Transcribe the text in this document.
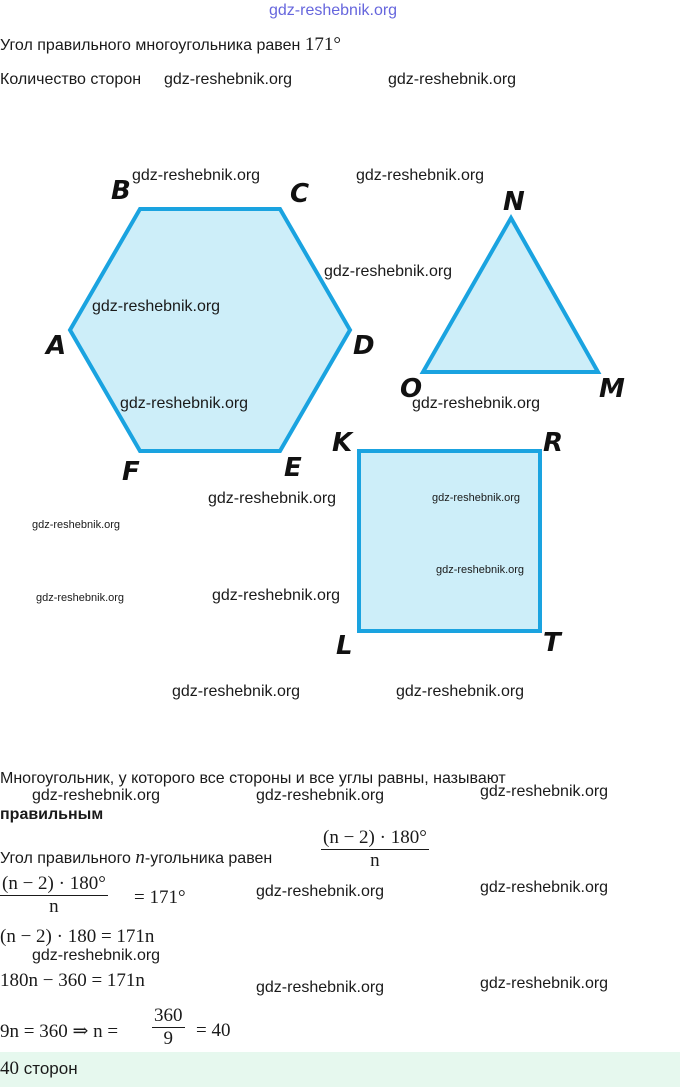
gdz-reshebnik.org
Угол правильного многоугольника равен 171°
Количество сторон
A
B	C
D
E
F
N
M
O
K	R
T
L
gdz-reshebnik.org	gdz-reshebnik.org
gdz-reshebnik.org	gdz-reshebnik.org
gdz-reshebnik.org
gdz-reshebnik.org
gdz-reshebnik.org	gdz-reshebnik.org
gdz-reshebnik.org	gdz-reshebnik.org
gdz-reshebnik.org
gdz-reshebnik.org
gdz-reshebnik.org
gdz-reshebnik.org
gdz-reshebnik.org	gdz-reshebnik.org
Многоугольник, у которого все стороны и все углы равны, называют
gdz-reshebnik.org	gdz-reshebnik.org	gdz-reshebnik.org
правильным
Угол правильного n-угольника равен
(n − 2) · 180°
n
(n − 2) · 180°
n	= 171°	gdz-reshebnik.org	gdz-reshebnik.org
(n − 2) · 180 = 171n
gdz-reshebnik.org
180n − 360 = 171n	gdz-reshebnik.org	gdz-reshebnik.org
9n = 360 ⇒ n =
360
9 = 40
40 сторон
